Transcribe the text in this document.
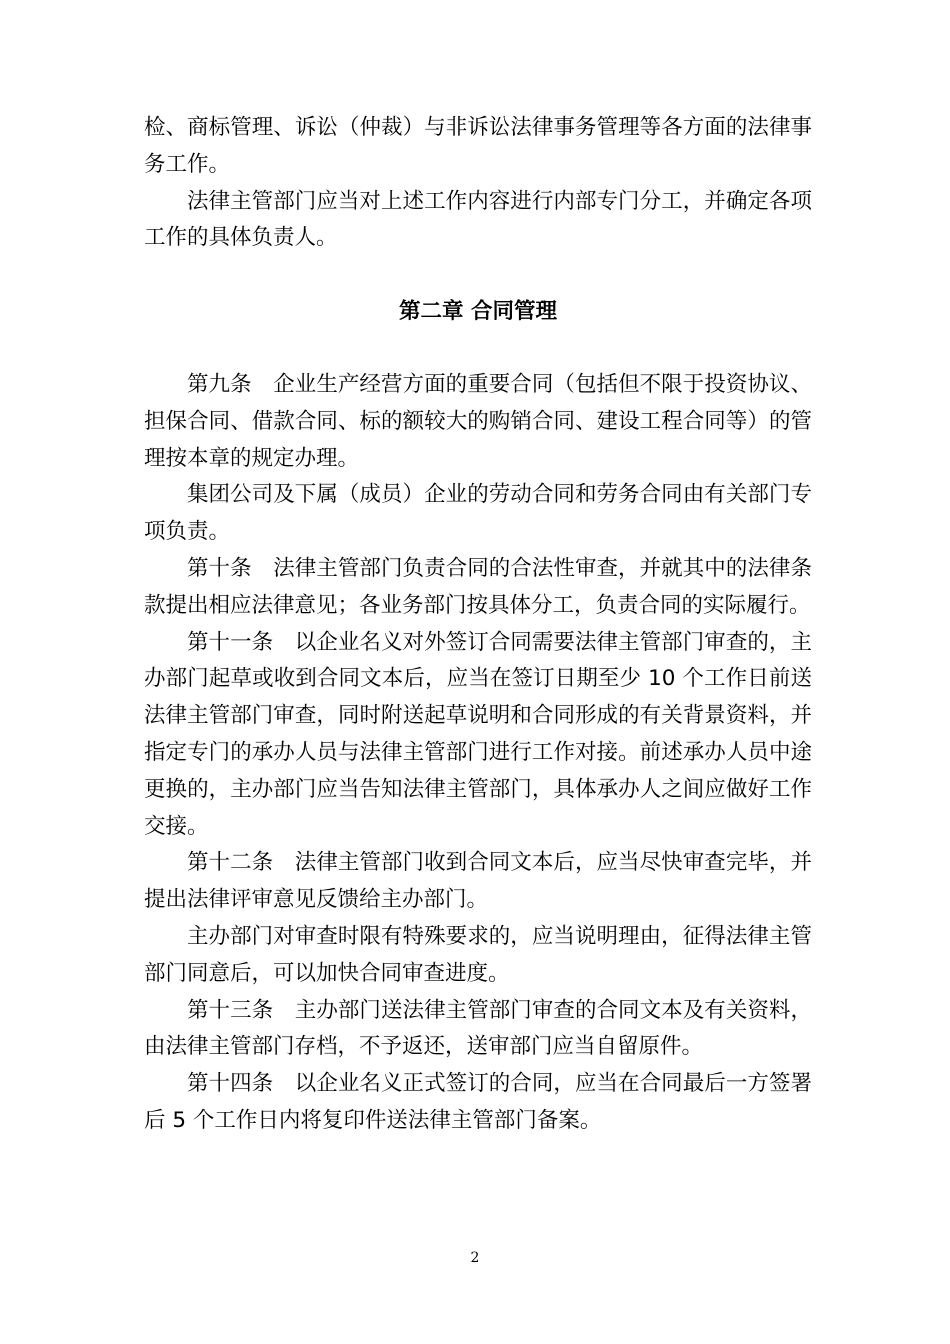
检、商标管理、诉讼（仲裁）与非诉讼法律事务管理等各方面的法律事务工作。

法律主管部门应当对上述工作内容进行内部专门分工，并确定各项工作的具体负责人。

第二章 合同管理

第九条　企业生产经营方面的重要合同（包括但不限于投资协议、担保合同、借款合同、标的额较大的购销合同、建设工程合同等）的管理按本章的规定办理。

集团公司及下属（成员）企业的劳动合同和劳务合同由有关部门专项负责。

第十条　法律主管部门负责合同的合法性审查，并就其中的法律条款提出相应法律意见；各业务部门按具体分工，负责合同的实际履行。

第十一条　以企业名义对外签订合同需要法律主管部门审查的，主办部门起草或收到合同文本后，应当在签订日期至少 10 个工作日前送法律主管部门审查，同时附送起草说明和合同形成的有关背景资料，并指定专门的承办人员与法律主管部门进行工作对接。前述承办人员中途更换的，主办部门应当告知法律主管部门，具体承办人之间应做好工作交接。

第十二条　法律主管部门收到合同文本后，应当尽快审查完毕，并提出法律评审意见反馈给主办部门。

主办部门对审查时限有特殊要求的，应当说明理由，征得法律主管部门同意后，可以加快合同审查进度。

第十三条　主办部门送法律主管部门审查的合同文本及有关资料，由法律主管部门存档，不予返还，送审部门应当自留原件。

第十四条　以企业名义正式签订的合同，应当在合同最后一方签署后 5 个工作日内将复印件送法律主管部门备案。

2
